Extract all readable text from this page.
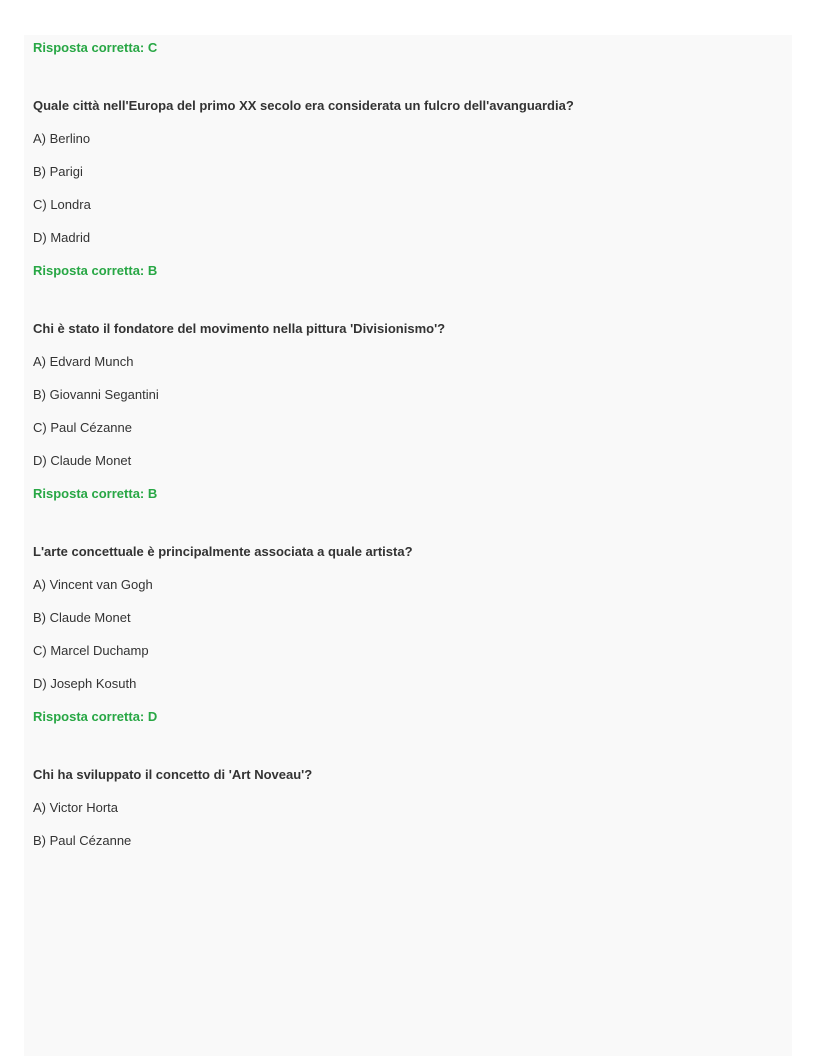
Risposta corretta: C

Quale città nell'Europa del primo XX secolo era considerata un fulcro dell'avanguardia?

A) Berlino

B) Parigi

C) Londra

D) Madrid

Risposta corretta: B

Chi è stato il fondatore del movimento nella pittura 'Divisionismo'?

A) Edvard Munch

B) Giovanni Segantini

C) Paul Cézanne

D) Claude Monet

Risposta corretta: B

L'arte concettuale è principalmente associata a quale artista?

A) Vincent van Gogh

B) Claude Monet

C) Marcel Duchamp

D) Joseph Kosuth

Risposta corretta: D

Chi ha sviluppato il concetto di 'Art Noveau'?

A) Victor Horta

B) Paul Cézanne
